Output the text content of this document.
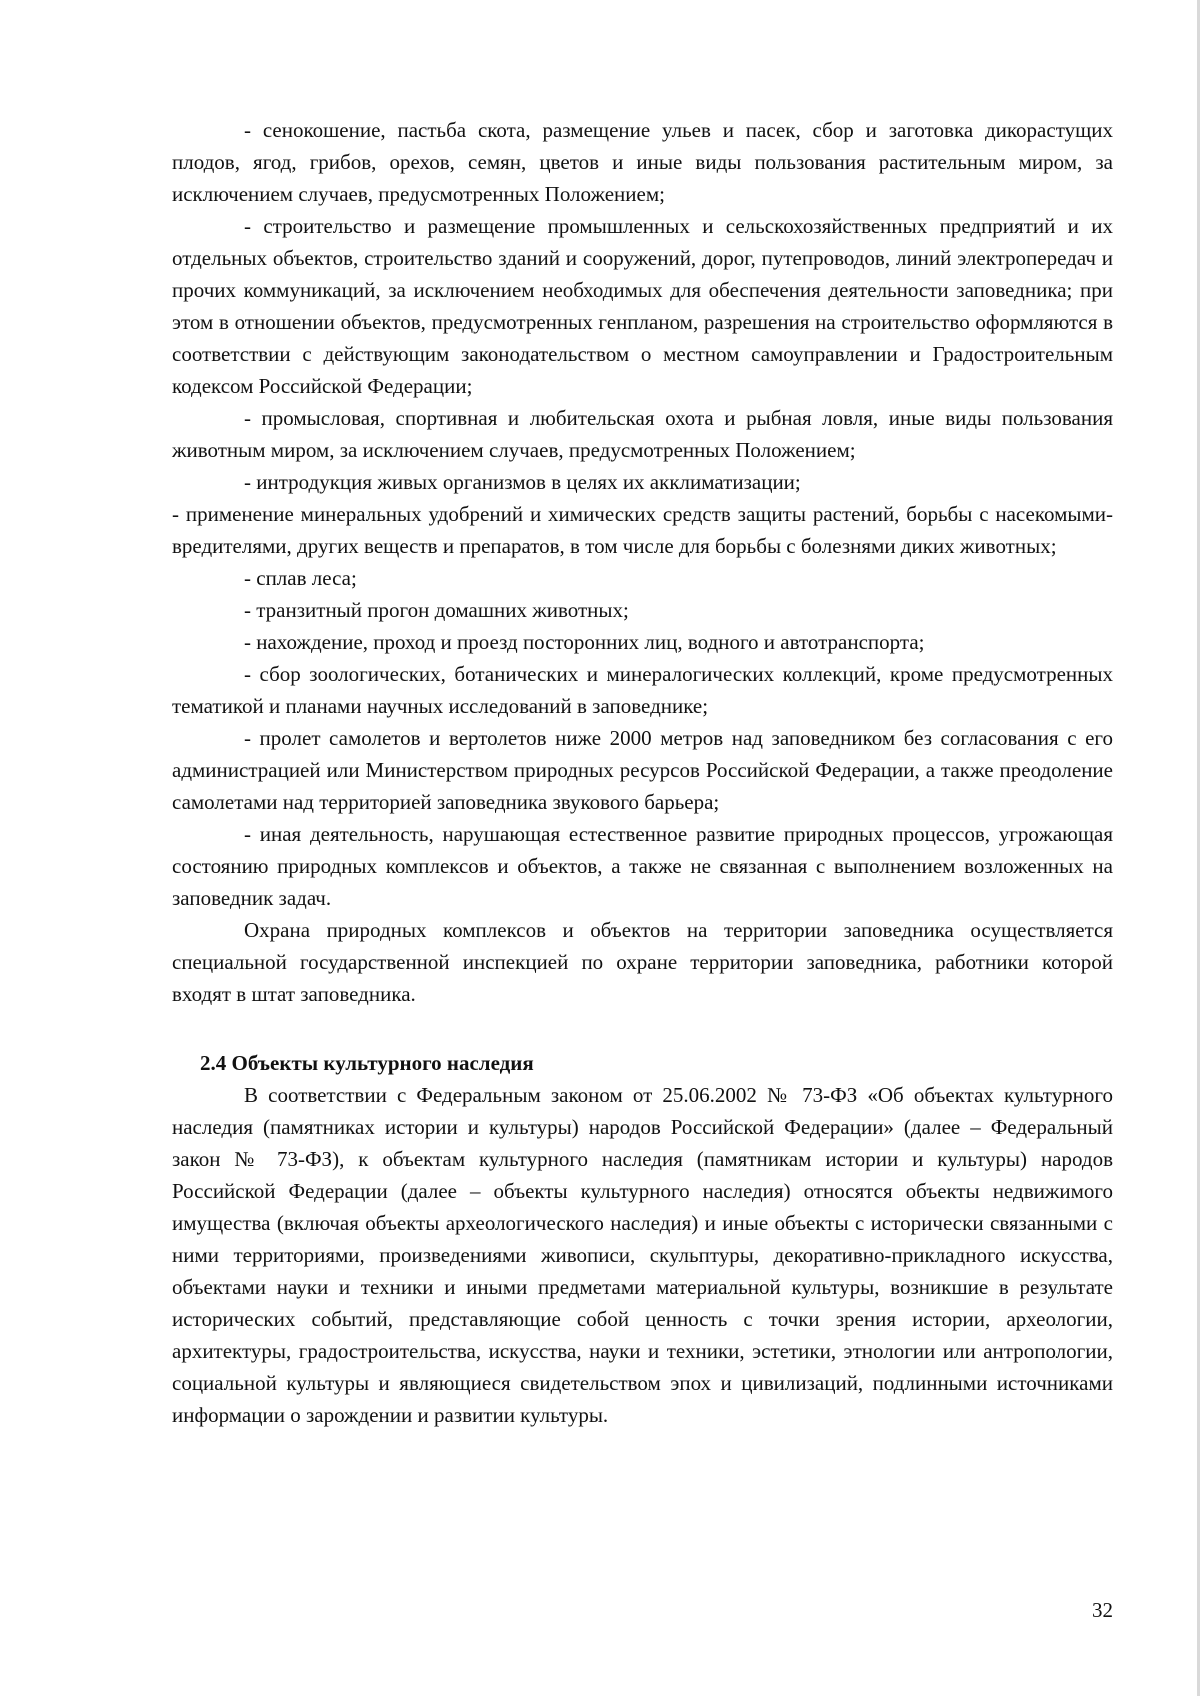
- сенокошение, пастьба скота, размещение ульев и пасек, сбор и заготовка дикорастущих плодов, ягод, грибов, орехов, семян, цветов и иные виды пользования растительным миром, за исключением случаев, предусмотренных Положением;

- строительство и размещение промышленных и сельскохозяйственных предприятий и их отдельных объектов, строительство зданий и сооружений, дорог, путепроводов, линий электропередач и прочих коммуникаций, за исключением необходимых для обеспечения деятельности заповедника; при этом в отношении объектов, предусмотренных генпланом, разрешения на строительство оформляются в соответствии с действующим законодательством о местном самоуправлении и Градостроительным кодексом Российской Федерации;

- промысловая, спортивная и любительская охота и рыбная ловля, иные виды пользования животным миром, за исключением случаев, предусмотренных Положением;

- интродукция живых организмов в целях их акклиматизации;

- применение минеральных удобрений и химических средств защиты растений, борьбы с насекомыми-вредителями, других веществ и препаратов, в том числе для борьбы с болезнями диких животных;

- сплав леса;

- транзитный прогон домашних животных;

- нахождение, проход и проезд посторонних лиц, водного и автотранспорта;

- сбор зоологических, ботанических и минералогических коллекций, кроме предусмотренных тематикой и планами научных исследований в заповеднике;

- пролет самолетов и вертолетов ниже 2000 метров над заповедником без согласования с его администрацией или Министерством природных ресурсов Российской Федерации, а также преодоление самолетами над территорией заповедника звукового барьера;

- иная деятельность, нарушающая естественное развитие природных процессов, угрожающая состоянию природных комплексов и объектов, а также не связанная с выполнением возложенных на заповедник задач.

Охрана природных комплексов и объектов на территории заповедника осуществляется специальной государственной инспекцией по охране территории заповедника, работники которой входят в штат заповедника.

2.4 Объекты культурного наследия

В соответствии с Федеральным законом от 25.06.2002 № 73-ФЗ «Об объектах культурного наследия (памятниках истории и культуры) народов Российской Федерации» (далее – Федеральный закон № 73-ФЗ), к объектам культурного наследия (памятникам истории и культуры) народов Российской Федерации (далее – объекты культурного наследия) относятся объекты недвижимого имущества (включая объекты археологического наследия) и иные объекты с исторически связанными с ними территориями, произведениями живописи, скульптуры, декоративно-прикладного искусства, объектами науки и техники и иными предметами материальной культуры, возникшие в результате исторических событий, представляющие собой ценность с точки зрения истории, археологии, архитектуры, градостроительства, искусства, науки и техники, эстетики, этнологии или антропологии, социальной культуры и являющиеся свидетельством эпох и цивилизаций, подлинными источниками информации о зарождении и развитии культуры.

32
